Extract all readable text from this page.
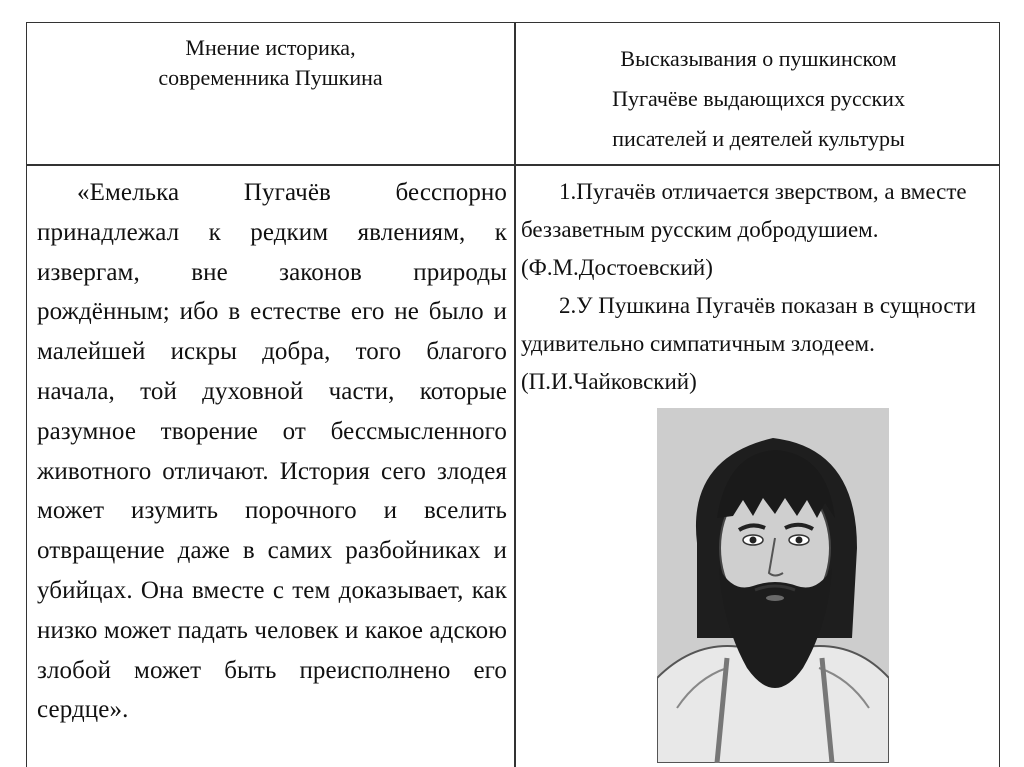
Мнение историка,
современника Пушкина
Высказывания о пушкинском
Пугачёве выдающихся русских
писателей и деятелей культуры
«Емелька Пугачёв бесспорно принадлежал к редким явлениям, к извергам, вне законов природы рождённым; ибо в естестве его не было и малейшей искры добра, того благого начала, той духовной части, которые разумное творение от бессмысленного животного отличают. История сего злодея может изумить порочного и вселить отвращение даже в самих разбойниках и убийцах. Она вместе с тем доказывает, как низко может падать человек и какое адскою злобой может быть преисполнено его сердце».

1.Пугачёв отличается зверством, а вместе беззаветным русским добродушием. (Ф.М.Достоевский)

2.У Пушкина Пугачёв показан в сущности удивительно симпатичным злодеем. (П.И.Чайковский)
